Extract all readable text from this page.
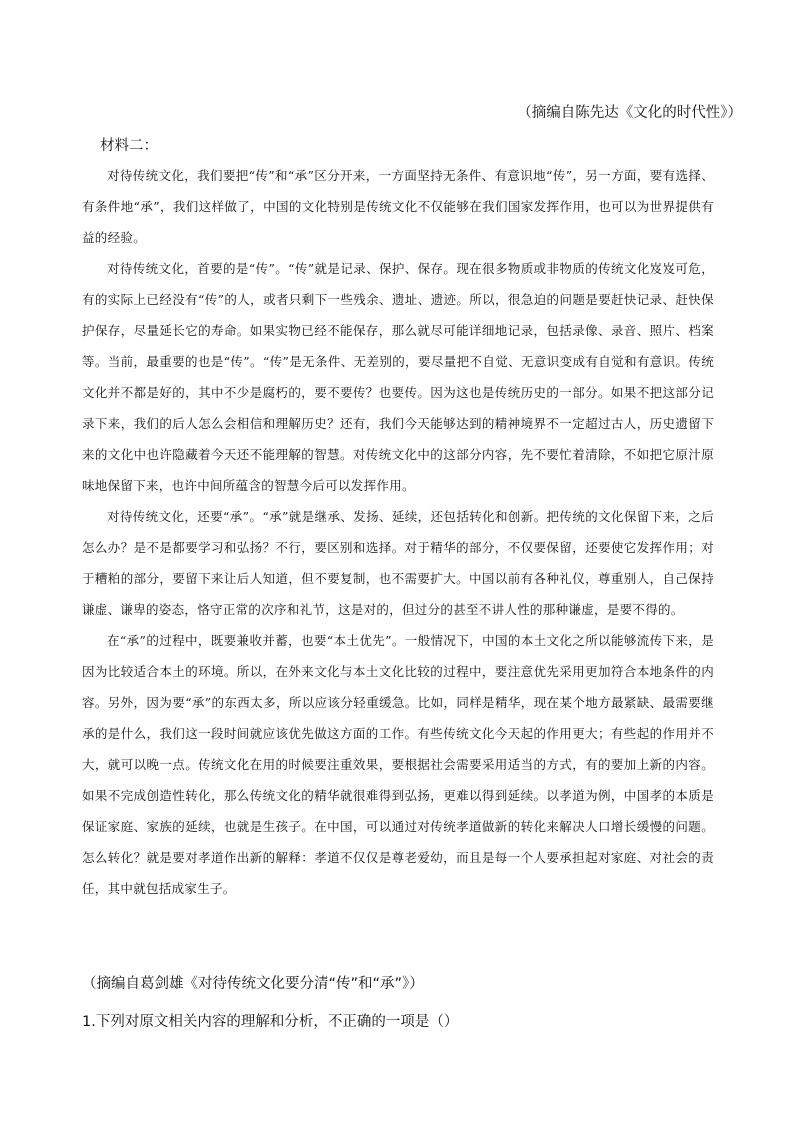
（摘编自陈先达《文化的时代性》）
材料二：

对待传统文化，我们要把“传”和“承”区分开来，一方面坚持无条件、有意识地“传”，另一方面，要有选择、有条件地“承”，我们这样做了，中国的文化特别是传统文化不仅能够在我们国家发挥作用，也可以为世界提供有益的经验。

对待传统文化，首要的是“传”。“传”就是记录、保护、保存。现在很多物质或非物质的传统文化岌岌可危，有的实际上已经没有“传”的人，或者只剩下一些残余、遗址、遗迹。所以，很急迫的问题是要赶快记录、赶快保护保存，尽量延长它的寿命。如果实物已经不能保存，那么就尽可能详细地记录，包括录像、录音、照片、档案等。当前，最重要的也是“传”。“传”是无条件、无差别的，要尽量把不自觉、无意识变成有自觉和有意识。传统文化并不都是好的，其中不少是腐朽的，要不要传？也要传。因为这也是传统历史的一部分。如果不把这部分记录下来，我们的后人怎么会相信和理解历史？还有，我们今天能够达到的精神境界不一定超过古人，历史遗留下来的文化中也许隐藏着今天还不能理解的智慧。对传统文化中的这部分内容，先不要忙着清除，不如把它原汁原味地保留下来，也许中间所蕴含的智慧今后可以发挥作用。

对待传统文化，还要“承”。“承”就是继承、发扬、延续，还包括转化和创新。把传统的文化保留下来，之后怎么办？是不是都要学习和弘扬？不行，要区别和选择。对于精华的部分，不仅要保留，还要使它发挥作用；对于糟粕的部分，要留下来让后人知道，但不要复制，也不需要扩大。中国以前有各种礼仪，尊重别人，自己保持谦虚、谦卑的姿态，恪守正常的次序和礼节，这是对的，但过分的甚至不讲人性的那种谦虚，是要不得的。

在“承”的过程中，既要兼收并蓄，也要“本土优先”。一般情况下，中国的本土文化之所以能够流传下来，是因为比较适合本土的环境。所以，在外来文化与本土文化比较的过程中，要注意优先采用更加符合本地条件的内容。另外，因为要“承”的东西太多，所以应该分轻重缓急。比如，同样是精华，现在某个地方最紧缺、最需要继承的是什么，我们这一段时间就应该优先做这方面的工作。有些传统文化今天起的作用更大；有些起的作用并不大，就可以晚一点。传统文化在用的时候要注重效果，要根据社会需要采用适当的方式，有的要加上新的内容。如果不完成创造性转化，那么传统文化的精华就很难得到弘扬，更难以得到延续。以孝道为例，中国孝的本质是保证家庭、家族的延续，也就是生孩子。在中国，可以通过对传统孝道做新的转化来解决人口增长缓慢的问题。怎么转化？就是要对孝道作出新的解释：孝道不仅仅是尊老爱幼，而且是每一个人要承担起对家庭、对社会的责任，其中就包括成家生子。

（摘编自葛剑雄《对待传统文化要分清“传”和“承”》）
1.下列对原文相关内容的理解和分析，不正确的一项是（）
